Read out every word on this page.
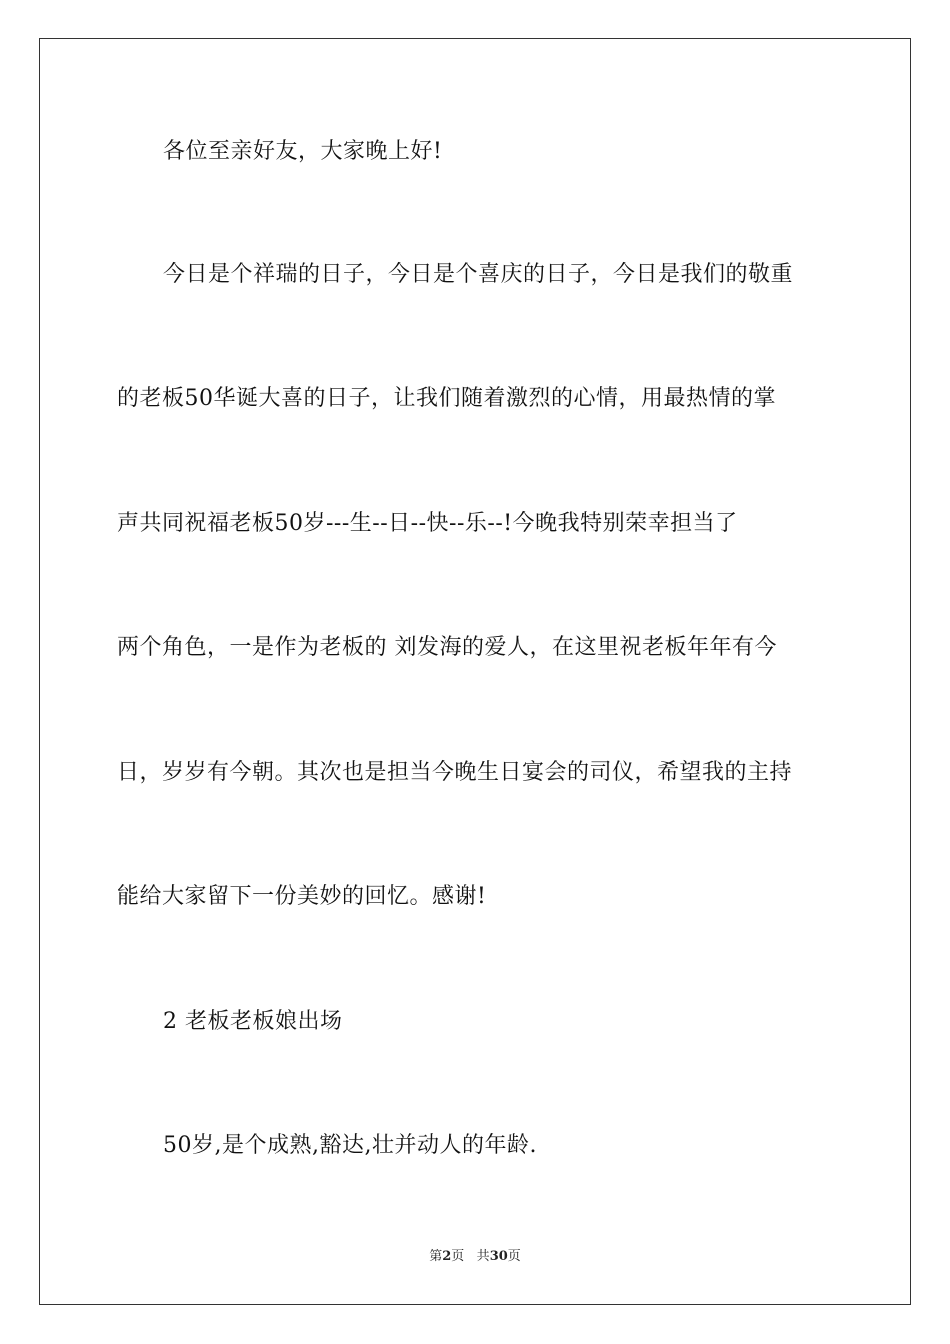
各位至亲好友，大家晚上好!
今日是个祥瑞的日子，今日是个喜庆的日子，今日是我们的敬重
的老板50华诞大喜的日子，让我们随着激烈的心情，用最热情的掌
声共同祝福老板50岁---生--日--快--乐--!今晚我特别荣幸担当了
两个角色，一是作为老板的 刘发海的爱人，在这里祝老板年年有今
日，岁岁有今朝。其次也是担当今晚生日宴会的司仪，希望我的主持
能给大家留下一份美妙的回忆。感谢!
2 老板老板娘出场
50岁,是个成熟,豁达,壮并动人的年龄.
第2页 共30页
